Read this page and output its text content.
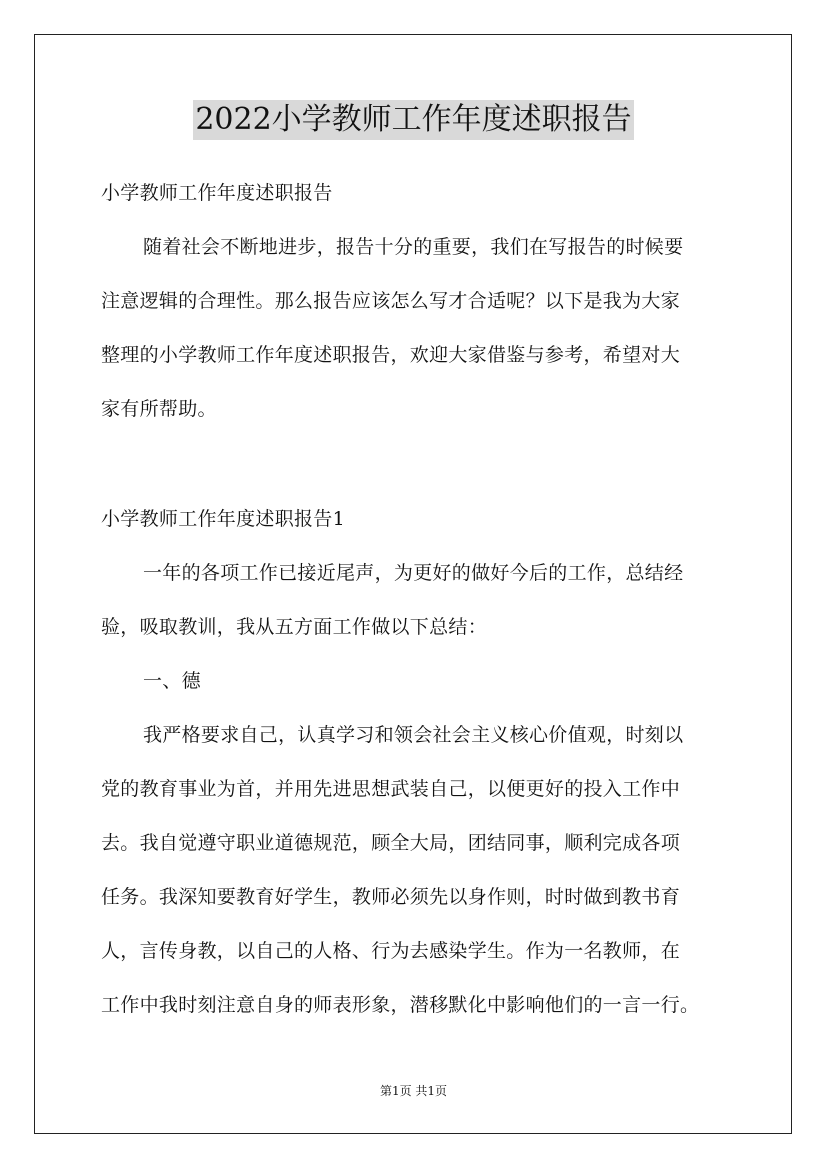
2022小学教师工作年度述职报告
小学教师工作年度述职报告
随着社会不断地进步，报告十分的重要，我们在写报告的时候要
注意逻辑的合理性。那么报告应该怎么写才合适呢？以下是我为大家
整理的小学教师工作年度述职报告，欢迎大家借鉴与参考，希望对大
家有所帮助。
小学教师工作年度述职报告1
一年的各项工作已接近尾声，为更好的做好今后的工作，总结经
验，吸取教训，我从五方面工作做以下总结：
一、德
我严格要求自己，认真学习和领会社会主义核心价值观，时刻以
党的教育事业为首，并用先进思想武装自己，以便更好的投入工作中
去。我自觉遵守职业道德规范，顾全大局，团结同事，顺利完成各项
任务。我深知要教育好学生，教师必须先以身作则，时时做到教书育
人，言传身教，以自己的人格、行为去感染学生。作为一名教师，在
工作中我时刻注意自身的师表形象，潜移默化中影响他们的一言一行。
第1页 共1页
